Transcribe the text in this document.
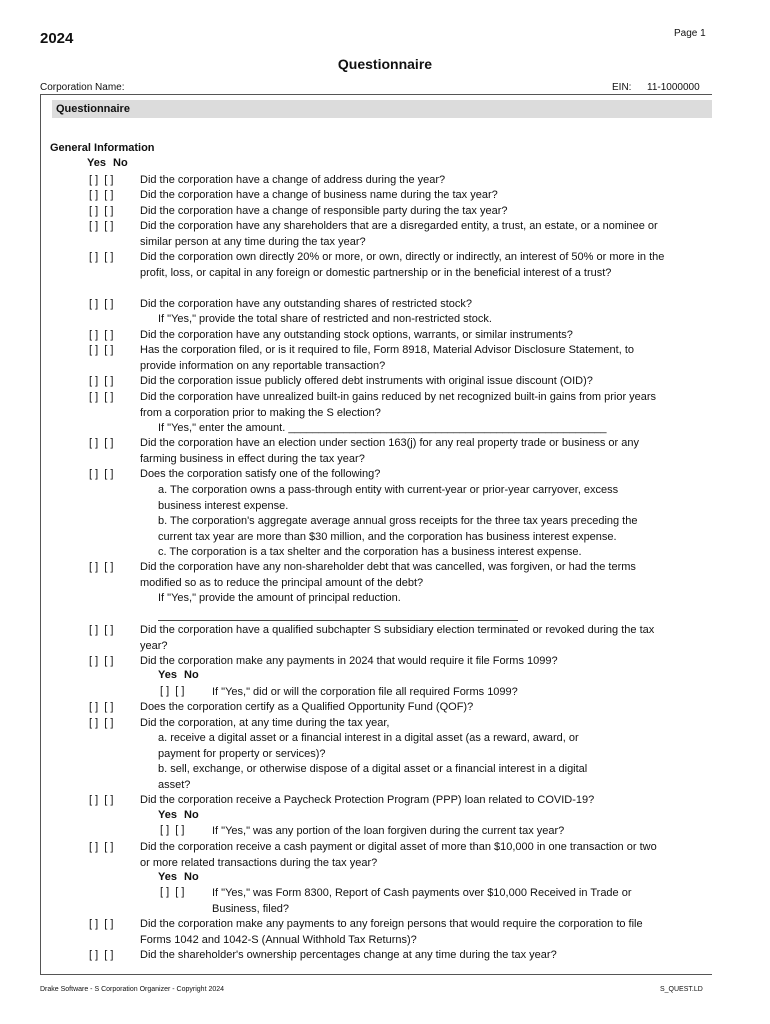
2024	Page 1
Questionnaire
Corporation Name:	EIN: 11-1000000
Questionnaire
General Information
Yes No
[ ]  [ ] Did the corporation have a change of address during the year?
[ ]  [ ] Did the corporation have a change of business name during the tax year?
[ ]  [ ] Did the corporation have a change of responsible party during the tax year?
[ ]  [ ] Did the corporation have any shareholders that are a disregarded entity, a trust, an estate, or a nominee or similar person at any time during the tax year?
[ ]  [ ] Did the corporation own directly 20% or more, or own, directly or indirectly, an interest of 50% or more in the profit, loss, or capital in any foreign or domestic partnership or in the beneficial interest of a trust?
[ ]  [ ] Did the corporation have any outstanding shares of restricted stock?
If "Yes," provide the total share of restricted and non-restricted stock.
[ ]  [ ] Did the corporation have any outstanding stock options, warrants, or similar instruments?
[ ]  [ ] Has the corporation filed, or is it required to file, Form 8918, Material Advisor Disclosure Statement, to provide information on any reportable transaction?
[ ]  [ ] Did the corporation issue publicly offered debt instruments with original issue discount (OID)?
[ ]  [ ] Did the corporation have unrealized built-in gains reduced by net recognized built-in gains from prior years from a corporation prior to making the S election?
If "Yes," enter the amount. ____________________________________________________
[ ]  [ ] Did the corporation have an election under section 163(j) for any real property trade or business or any farming business in effect during the tax year?
[ ]  [ ] Does the corporation satisfy one of the following?
a. The corporation owns a pass-through entity with current-year or prior-year carryover, excess business interest expense.
b. The corporation's aggregate average annual gross receipts for the three tax years preceding the current tax year are more than $30 million, and the corporation has business interest expense.
c. The corporation is a tax shelter and the corporation has a business interest expense.
[ ]  [ ] Did the corporation have any non-shareholder debt that was cancelled, was forgiven, or had the terms modified so as to reduce the principal amount of the debt?
If "Yes," provide the amount of principal reduction.
[ ]  [ ] Did the corporation have a qualified subchapter S subsidiary election terminated or revoked during the tax year?
[ ]  [ ] Did the corporation make any payments in 2024 that would require it file Forms 1099?
Yes No
[ ]  [ ]	If "Yes," did or will the corporation file all required Forms 1099?
[ ]  [ ] Does the corporation certify as a Qualified Opportunity Fund (QOF)?
[ ]  [ ] Did the corporation, at any time during the tax year,
a. receive a digital asset or a financial interest in a digital asset (as a reward, award, or payment for property or services)?
b. sell, exchange, or otherwise dispose of a digital asset or a financial interest in a digital asset?
[ ]  [ ] Did the corporation receive a Paycheck Protection Program (PPP) loan related to COVID-19?
Yes No
[ ]  [ ]	If "Yes," was any portion of the loan forgiven during the current tax year?
[ ]  [ ] Did the corporation receive a cash payment or digital asset of more than $10,000 in one transaction or two or more related transactions during the tax year?
Yes No
[ ]  [ ]	If "Yes," was Form 8300, Report of Cash payments over $10,000 Received in Trade or Business, filed?
[ ]  [ ] Did the corporation make any payments to any foreign persons that would require the corporation to file Forms 1042 and 1042-S (Annual Withhold Tax Returns)?
[ ]  [ ] Did the shareholder's ownership percentages change at any time during the tax year?
Drake Software - S Corporation Organizer - Copyright 2024	S_QUEST.LD
